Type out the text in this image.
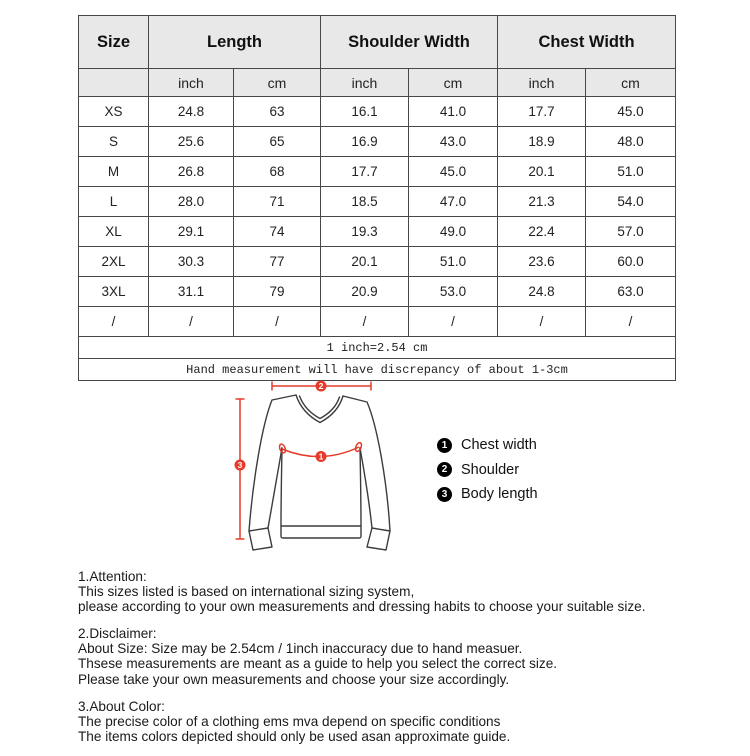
Size	Length		Shoulder Width		Chest Width	
	inch	cm	inch	cm	inch	cm
XS	24.8	63	16.1	41.0	17.7	45.0
S	25.6	65	16.9	43.0	18.9	48.0
M	26.8	68	17.7	45.0	20.1	51.0
L	28.0	71	18.5	47.0	21.3	54.0
XL	29.1	74	19.3	49.0	22.4	57.0
2XL	30.3	77	20.1	51.0	23.6	60.0
3XL	31.1	79	20.9	53.0	24.8	63.0
/	/	/	/	/	/	/
1 inch=2.54 cm						
Hand measurement will have discrepancy of about 1-3cm						
1
2
3
1 Chest width
2 Shoulder
3 Body length
1.Attention:
This sizes listed is based on international sizing system,
please according to your own measurements and dressing habits to choose your suitable size.
2.Disclaimer:
About Size: Size may be 2.54cm / 1inch inaccuracy due to hand measuer.
Thsese measurements are meant as a guide to help you select the correct size.
Please take your own measurements and choose your size accordingly.
3.About Color:
The precise color of a clothing ems mva depend on specific conditions
The items colors depicted should only be used asan approximate guide.
